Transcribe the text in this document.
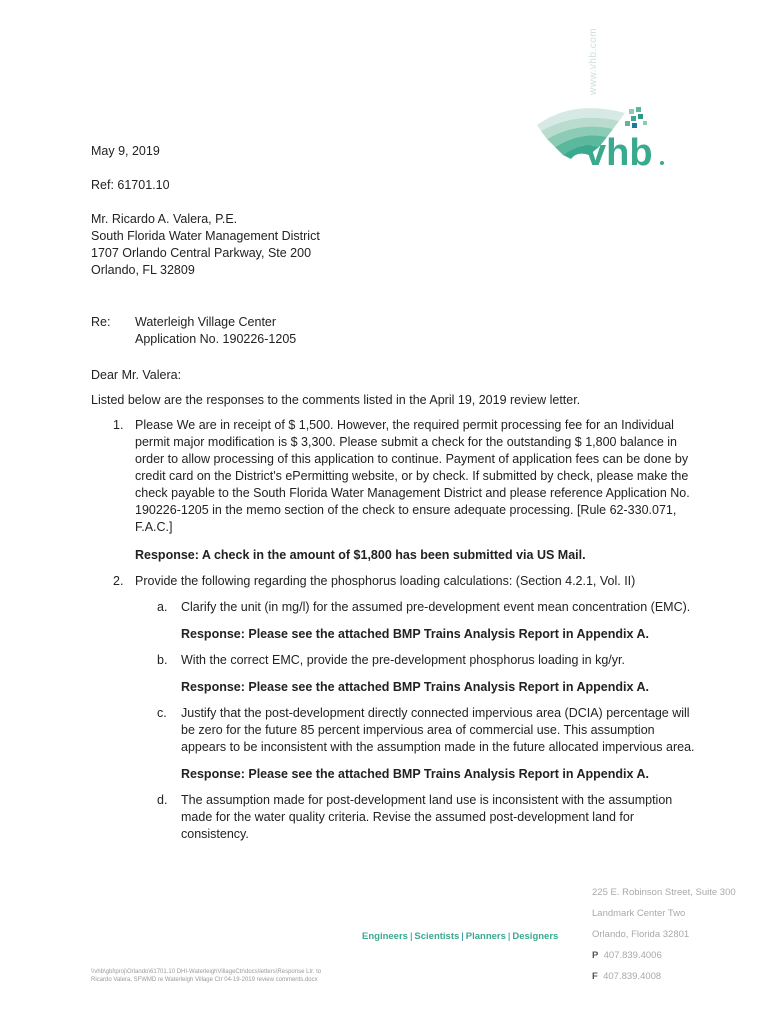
www.vhb.com
vhb
May 9, 2019
Ref: 61701.10
Mr. Ricardo A. Valera, P.E.
South Florida Water Management District
1707 Orlando Central Parkway, Ste 200
Orlando, FL 32809
Re: Waterleigh Village Center
Application No. 190226-1205
Dear Mr. Valera:
Listed below are the responses to the comments listed in the April 19, 2019 review letter.
1. Please We are in receipt of $ 1,500. However, the required permit processing fee for an Individual
permit major modification is $ 3,300. Please submit a check for the outstanding $ 1,800 balance in
order to allow processing of this application to continue. Payment of application fees can be done by
credit card on the District's ePermitting website, or by check. If submitted by check, please make the
check payable to the South Florida Water Management District and please reference Application No.
190226-1205 in the memo section of the check to ensure adequate processing. [Rule 62-330.071,
F.A.C.]
Response: A check in the amount of $1,800 has been submitted via US Mail.
2. Provide the following regarding the phosphorus loading calculations: (Section 4.2.1, Vol. II)
a.	Clarify the unit (in mg/l) for the assumed pre-development event mean concentration (EMC).
Response: Please see the attached BMP Trains Analysis Report in Appendix A.
b.	With the correct EMC, provide the pre-development phosphorus loading in kg/yr.
Response: Please see the attached BMP Trains Analysis Report in Appendix A.
c.	Justify that the post-development directly connected impervious area (DCIA) percentage will
be zero for the future 85 percent impervious area of commercial use. This assumption
appears to be inconsistent with the assumption made in the future allocated impervious area.
Response: Please see the attached BMP Trains Analysis Report in Appendix A.
d.	The assumption made for post-development land use is inconsistent with the assumption
made for the water quality criteria. Revise the assumed post-development land for
consistency.
Engineers | Scientists | Planners | Designers
225 E. Robinson Street, Suite 300
Landmark Center Two
Orlando, Florida 32801
P 407.839.4006
F 407.839.4008
\\vhb\gbl\proj\Orlando\61701.10 DHI-WaterleighVillageCtr\docs\letters\Response Ltr. to Ricardo Valera, SFWMD re Waterleigh Village Ctr 04-19-2019 review comments.docx
